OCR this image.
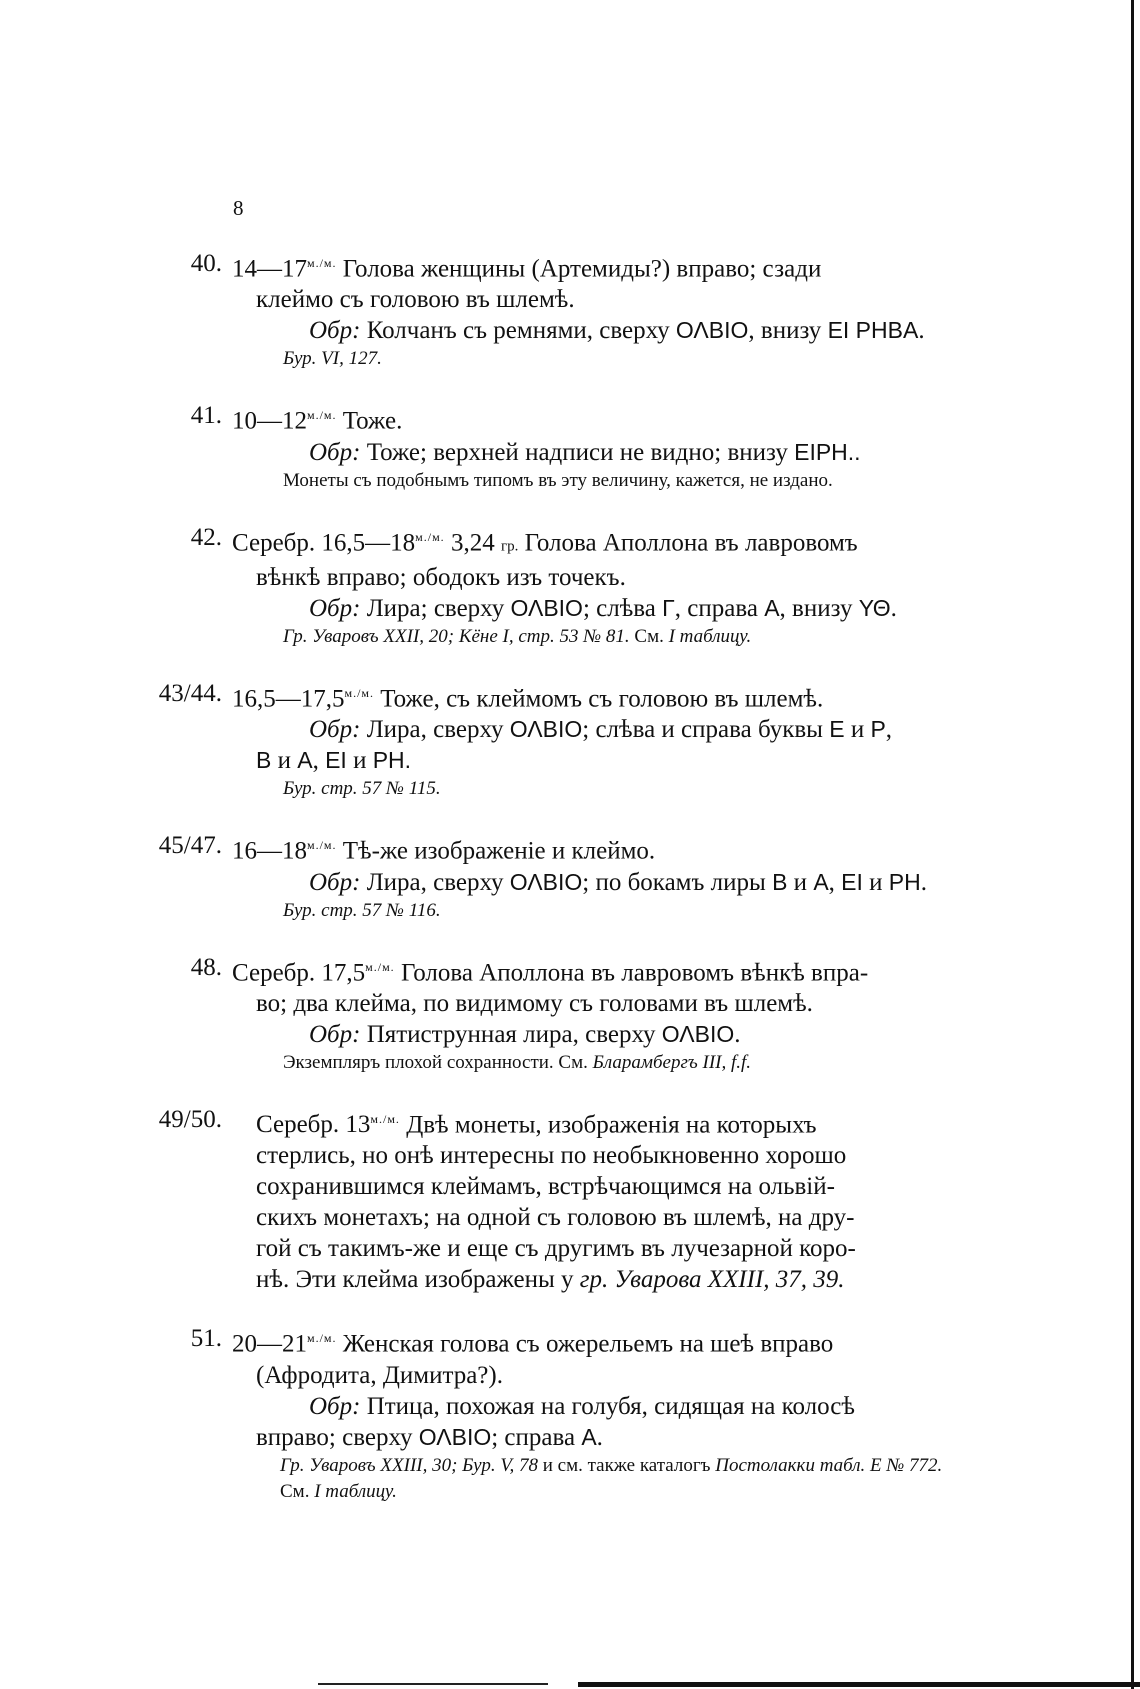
8
40. $14—17^{м./м.}$ Голова женщины (Артемиды?) вправо; сзади
клеймо съ головою въ шлемѣ.
Обр: Колчанъ съ ремнями, сверху ΟΛΒΙΟ, внизу ΕΙ ΡΗΒΑ.
Бур. VI, 127.
41. $10—12^{м./м.}$ Тоже.
Обр: Тоже; верхней надписи не видно; внизу ΕΙΡΗ..
Монеты съ подобнымъ типомъ въ эту величину, кажется, не издано.
42. Серебр. $16,5—18^{м./м.}$ 3,24 гр. Голова Аполлона въ лавровомъ
вѣнкѣ вправо; ободокъ изъ точекъ.
Обр: Лира; сверху ΟΛΒΙΟ; слѣва Γ, справа Α, внизу ΥΘ.
Гр. Уваровъ XXII, 20; Кёне I, стр. 53 № 81. См. I таблицу.
43/44. $16,5—17,5^{м./м.}$ Тоже, съ клеймомъ съ головою въ шлемѣ.
Обр: Лира, сверху ΟΛΒΙΟ; слѣва и справа буквы Ε и Ρ,
Β и Α, ΕΙ и ΡΗ.
Бур. стр. 57 № 115.
45/47. $16—18^{м./м.}$ Тѣ-же изображенiе и клеймо.
Обр: Лира, сверху ΟΛΒΙΟ; по бокамъ лиры Β и Α, ΕΙ и ΡΗ.
Бур. стр. 57 № 116.
48. Серебр. $17,5^{м./м.}$ Голова Аполлона въ лавровомъ вѣнкѣ впра-
во; два клейма, по видимому съ головами въ шлемѣ.
Обр: Пятиструнная лира, сверху ΟΛΒΙΟ.
Экземпляръ плохой сохранности. См. Бларамбергъ III, f.f.
49/50. Серебр. $13^{м./м.}$ Двѣ монеты, изображенiя на которыхъ
стерлись, но онѣ интересны по необыкновенно хорошо
сохранившимся клеймамъ, встрѣчающимся на ольвiй-
скихъ монетахъ; на одной съ головою въ шлемѣ, на дру-
гой съ такимъ-же и еще съ другимъ въ лучезарной коро-
нѣ. Эти клейма изображены у гр. Уварова XXIII, 37, 39.
51. $20—21^{м./м.}$ Женская голова съ ожерельемъ на шеѣ вправо
(Афродита, Димитра?).
Обр: Птица, похожая на голубя, сидящая на колосѣ
вправо; сверху ΟΛΒΙΟ; справа Α.
Гр. Уваровъ XXIII, 30; Бур. V, 78 и см. также каталогъ Постолакки табл. Е № 772. См. I таблицу.
